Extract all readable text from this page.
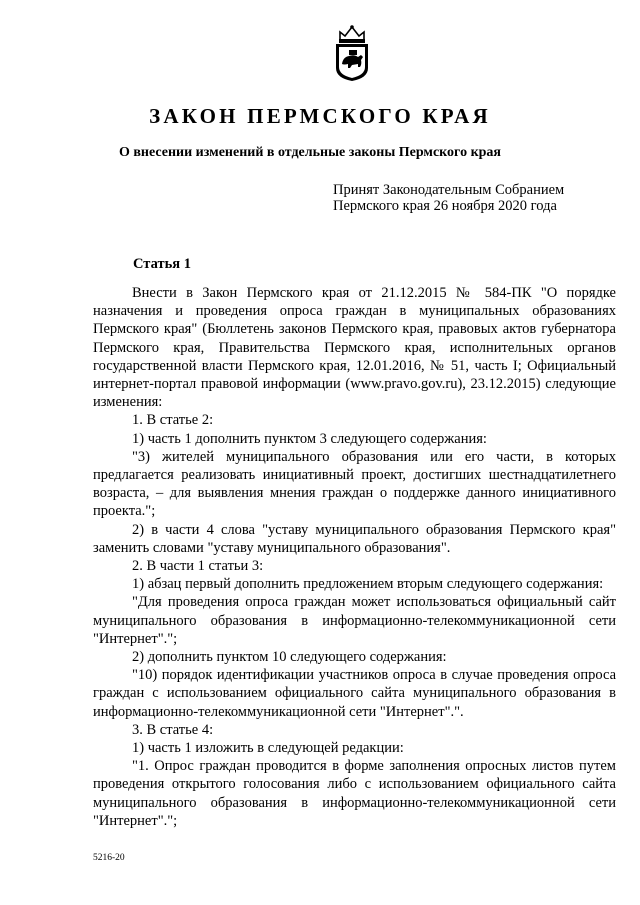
ЗАКОН ПЕРМСКОГО КРАЯ
О внесении изменений в отдельные законы Пермского края
Принят Законодательным Собранием
Пермского края 26 ноября 2020 года
Статья 1

Внести в Закон Пермского края от 21.12.2015 № 584-ПК "О порядке назначения и проведения опроса граждан в муниципальных образованиях Пермского края" (Бюллетень законов Пермского края, правовых актов губернатора Пермского края, Правительства Пермского края, исполнительных органов государственной власти Пермского края, 12.01.2016, № 51, часть I; Официальный интернет-портал правовой информации (www.pravo.gov.ru), 23.12.2015) следующие изменения:

1. В статье 2:

1) часть 1 дополнить пунктом 3 следующего содержания:

"3) жителей муниципального образования или его части, в которых предлагается реализовать инициативный проект, достигших шестнадцатилетнего возраста, – для выявления мнения граждан о поддержке данного инициативного проекта.";

2) в части 4 слова "уставу муниципального образования Пермского края" заменить словами "уставу муниципального образования".

2. В части 1 статьи 3:

1) абзац первый дополнить предложением вторым следующего содержания:

"Для проведения опроса граждан может использоваться официальный сайт муниципального образования в информационно-телекоммуникационной сети "Интернет".";

2) дополнить пунктом 10 следующего содержания:

"10) порядок идентификации участников опроса в случае проведения опроса граждан с использованием официального сайта муниципального образования в информационно-телекоммуникационной сети "Интернет".".

3. В статье 4:

1) часть 1 изложить в следующей редакции:

"1. Опрос граждан проводится в форме заполнения опросных листов путем проведения открытого голосования либо с использованием официального сайта муниципального образования в информационно-телекоммуникационной сети "Интернет".";

5216-20
